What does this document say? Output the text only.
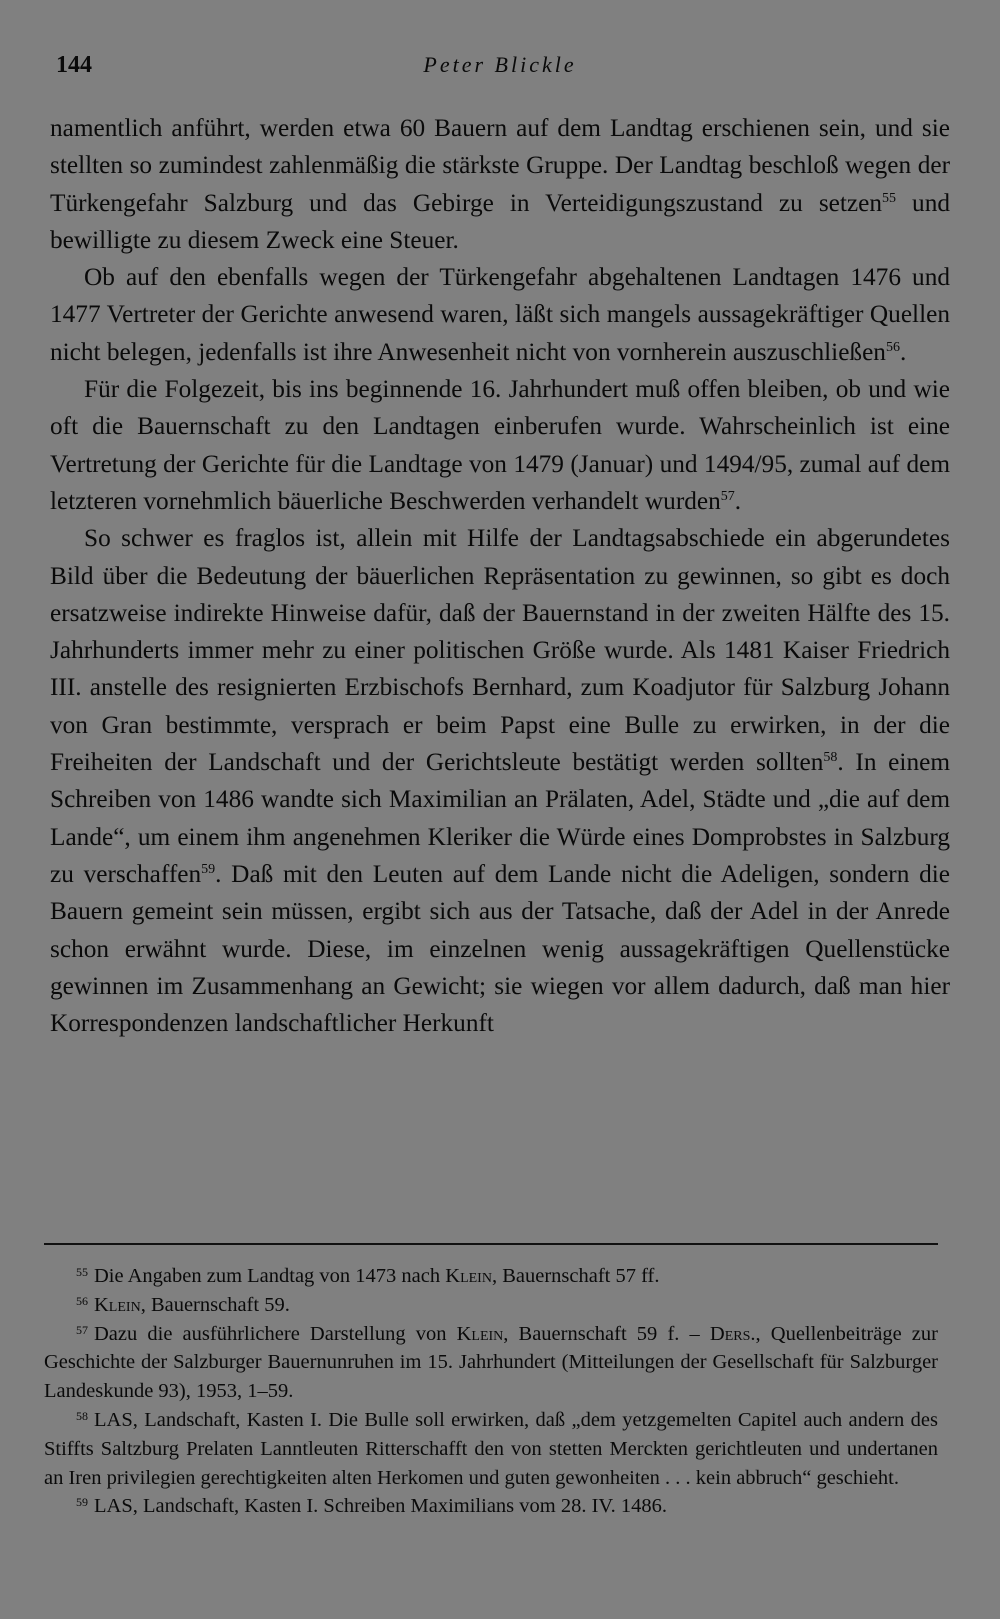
144	Peter Blickle

namentlich anführt, werden etwa 60 Bauern auf dem Landtag erschienen sein, und sie stellten so zumindest zahlenmäßig die stärkste Gruppe. Der Landtag beschloß wegen der Türkengefahr Salzburg und das Gebirge in Verteidigungszustand zu setzen$^{55}$ und bewilligte zu diesem Zweck eine Steuer.

Ob auf den ebenfalls wegen der Türkengefahr abgehaltenen Landtagen 1476 und 1477 Vertreter der Gerichte anwesend waren, läßt sich mangels aussagekräftiger Quellen nicht belegen, jedenfalls ist ihre Anwesenheit nicht von vornherein auszuschließen$^{56}$.

Für die Folgezeit, bis ins beginnende 16. Jahrhundert muß offen bleiben, ob und wie oft die Bauernschaft zu den Landtagen einberufen wurde. Wahrscheinlich ist eine Vertretung der Gerichte für die Landtage von 1479 (Januar) und 1494/95, zumal auf dem letzteren vornehmlich bäuerliche Beschwerden verhandelt wurden$^{57}$.

So schwer es fraglos ist, allein mit Hilfe der Landtagsabschiede ein abgerundetes Bild über die Bedeutung der bäuerlichen Repräsentation zu gewinnen, so gibt es doch ersatzweise indirekte Hinweise dafür, daß der Bauernstand in der zweiten Hälfte des 15. Jahrhunderts immer mehr zu einer politischen Größe wurde. Als 1481 Kaiser Friedrich III. anstelle des resignierten Erzbischofs Bernhard, zum Koadjutor für Salzburg Johann von Gran bestimmte, versprach er beim Papst eine Bulle zu erwirken, in der die Freiheiten der Landschaft und der Gerichtsleute bestätigt werden sollten$^{58}$. In einem Schreiben von 1486 wandte sich Maximilian an Prälaten, Adel, Städte und „die auf dem Lande“, um einem ihm angenehmen Kleriker die Würde eines Domprobstes in Salzburg zu verschaffen$^{59}$. Daß mit den Leuten auf dem Lande nicht die Adeligen, sondern die Bauern gemeint sein müssen, ergibt sich aus der Tatsache, daß der Adel in der Anrede schon erwähnt wurde. Diese, im einzelnen wenig aussagekräftigen Quellenstücke gewinnen im Zusammenhang an Gewicht; sie wiegen vor allem dadurch, daß man hier Korrespondenzen landschaftlicher Herkunft

$^{55}$ Die Angaben zum Landtag von 1473 nach Klein, Bauernschaft 57 ff.

$^{56}$ Klein, Bauernschaft 59.

$^{57}$ Dazu die ausführlichere Darstellung von Klein, Bauernschaft 59 f. – Ders., Quellenbeiträge zur Geschichte der Salzburger Bauernunruhen im 15. Jahrhundert (Mitteilungen der Gesellschaft für Salzburger Landeskunde 93), 1953, 1–59.

$^{58}$ LAS, Landschaft, Kasten I. Die Bulle soll erwirken, daß „dem yetzgemelten Capitel auch andern des Stiffts Saltzburg Prelaten Lanntleuten Ritterschafft den von stetten Merckten gerichtleuten und undertanen an Iren privilegien gerechtigkeiten alten Herkomen und guten gewonheiten . . . kein abbruch“ geschieht.

$^{59}$ LAS, Landschaft, Kasten I. Schreiben Maximilians vom 28. IV. 1486.
